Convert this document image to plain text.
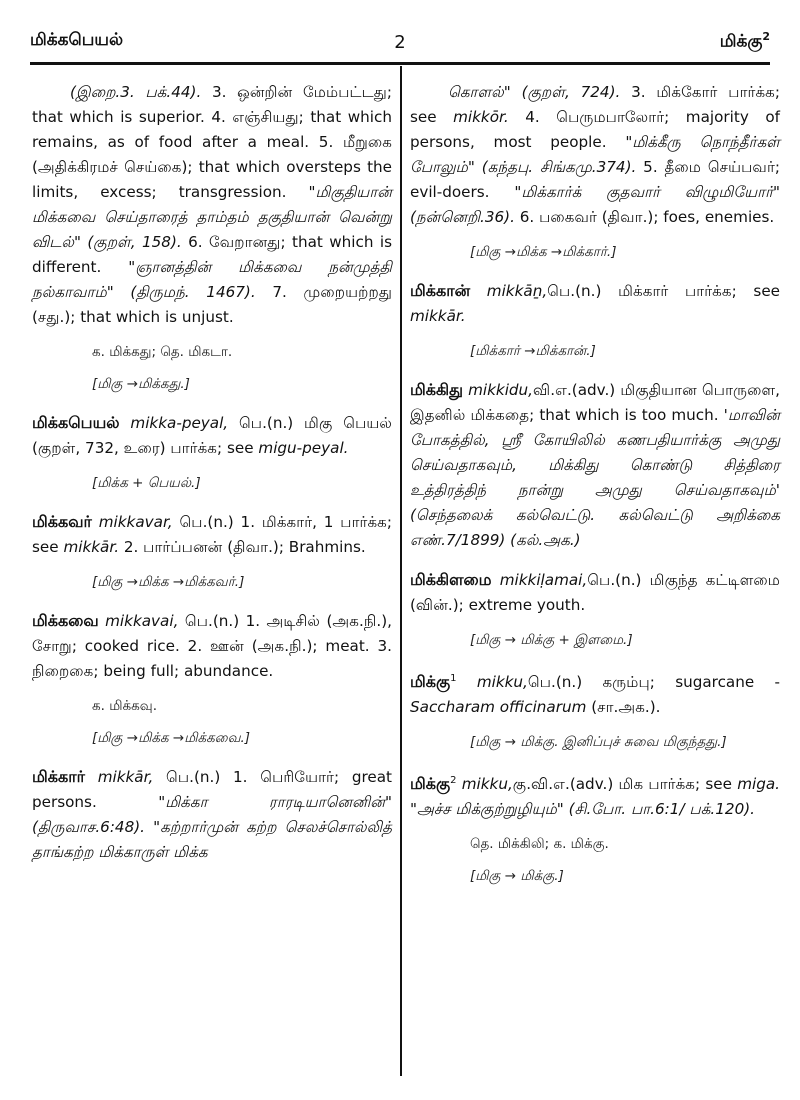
மிக்கபெயல்	2	மிக்கு$^2$

(இறை.3. பக்.44). 3. ஒன்றின் மேம்பட்டது; that which is superior. 4. எஞ்சியது; that which remains, as of food after a meal. 5. மீறுகை (அதிக்கிரமச் செய்கை); that which oversteps the limits, excess; transgression. "மிகுதியான் மிக்கவை செய்தாரைத் தாம்தம் தகுதியான் வென்று விடல்" (குறள், 158). 6. வேறானது; that which is different. "ஞானத்தின் மிக்கவை நன்முத்தி நல்காவாம்" (திருமந். 1467). 7. முறையற்றது (சது.); that which is unjust.

க. மிக்கது; தெ. மிகடா.
[மிகு →மிக்கது.]

மிக்கபெயல் mikka-peyal, பெ.(n.) மிகு பெயல் (குறள், 732, உரை) பார்க்க; see migu-peyal.

[மிக்க + பெயல்.]

மிக்கவர் mikkavar, பெ.(n.) 1. மிக்கார், 1 பார்க்க; see mikkār. 2. பார்ப்பனன் (திவா.); Brahmins.

[மிகு →மிக்க →மிக்கவர்.]

மிக்கவை mikkavai, பெ.(n.) 1. அடிசில் (அக.நி.), சோறு; cooked rice. 2. ஊன் (அக.நி.); meat. 3. நிறைகை; being full; abundance.

க. மிக்கவு.
[மிகு →மிக்க →மிக்கவை.]

மிக்கார் mikkār, பெ.(n.) 1. பெரியோர்; great persons. "மிக்கா ராரடியானெனின்" (திருவாச.6:48). "கற்றார்முன் கற்ற செலச்சொல்லித் தாங்கற்ற மிக்காருள் மிக்க

கொளல்" (குறள், 724). 3. மிக்கோர் பார்க்க; see mikkōr. 4. பெருமபாலோர்; majority of persons, most people. "மிக்கீரு நொந்தீர்கள் போலும்" (கந்தபு. சிங்கமு.374). 5. தீமை செய்பவர்; evil-doers. "மிக்கார்க் குதவார் விழுமியோர்" (நன்னெறி.36). 6. பகைவர் (திவா.); foes, enemies.

[மிகு →மிக்க →மிக்கார்.]

மிக்கான் mikkāṉ,பெ.(n.) மிக்கார் பார்க்க; see mikkār.

[மிக்கார் →மிக்கான்.]

மிக்கிது mikkidu,வி.எ.(adv.) மிகுதியான பொருளை, இதனில் மிக்கதை; that which is too much. 'மாவின் போகத்தில், ஸ்ரீ கோயிலில் கணபதியார்க்கு அமுது செய்வதாகவும், மிக்கிது கொண்டு சித்திரை உத்திரத்திந் நான்று அமுது செய்வதாகவும்' (செந்தலைக் கல்வெட்டு. கல்வெட்டு அறிக்கை எண்.7/1899) (கல்.அக.)

மிக்கிளமை mikkiḷamai,பெ.(n.) மிகுந்த கட்டிளமை (வின்.); extreme youth.

[மிகு → மிக்கு + இளமை.]

மிக்கு$^1$ mikku,பெ.(n.) கரும்பு; sugarcane - Saccharam officinarum (சா.அக.).

[மிகு → மிக்கு. இனிப்புச் சுவை மிகுந்தது.]

மிக்கு$^2$ mikku,கு.வி.எ.(adv.) மிக பார்க்க; see miga. "அச்ச மிக்குற்றுழியும்" (சி.போ. பா.6:1/ பக்.120).

தெ. மிக்கிலி; க. மிக்கு.
[மிகு → மிக்கு.]
